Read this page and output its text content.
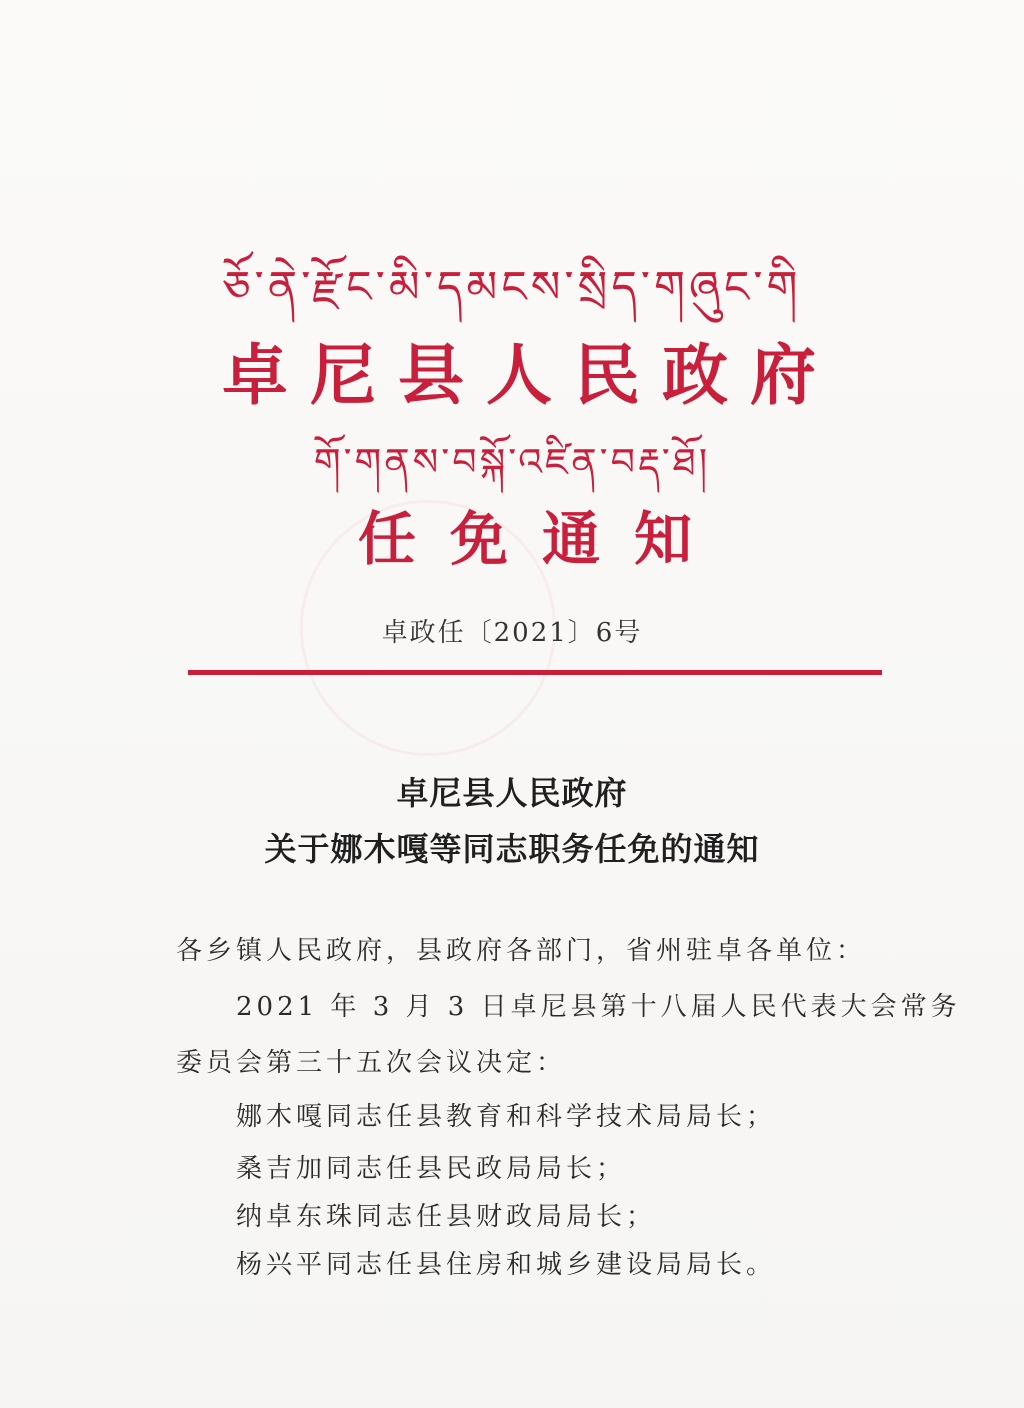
ཅོ་ནེ་རྫོང་མི་དམངས་སྲིད་གཞུང་གི
卓尼县人民政府
གོ་གནས་བསྐོ་འཛིན་བརྡ་ཐོ།
任免通知
卓政任〔2021〕6号
卓尼县人民政府
关于娜木嘎等同志职务任免的通知
各乡镇人民政府，县政府各部门，省州驻卓各单位：
2021 年 3 月 3 日卓尼县第十八届人民代表大会常务
委员会第三十五次会议决定：
娜木嘎同志任县教育和科学技术局局长；
桑吉加同志任县民政局局长；
纳卓东珠同志任县财政局局长；
杨兴平同志任县住房和城乡建设局局长。
